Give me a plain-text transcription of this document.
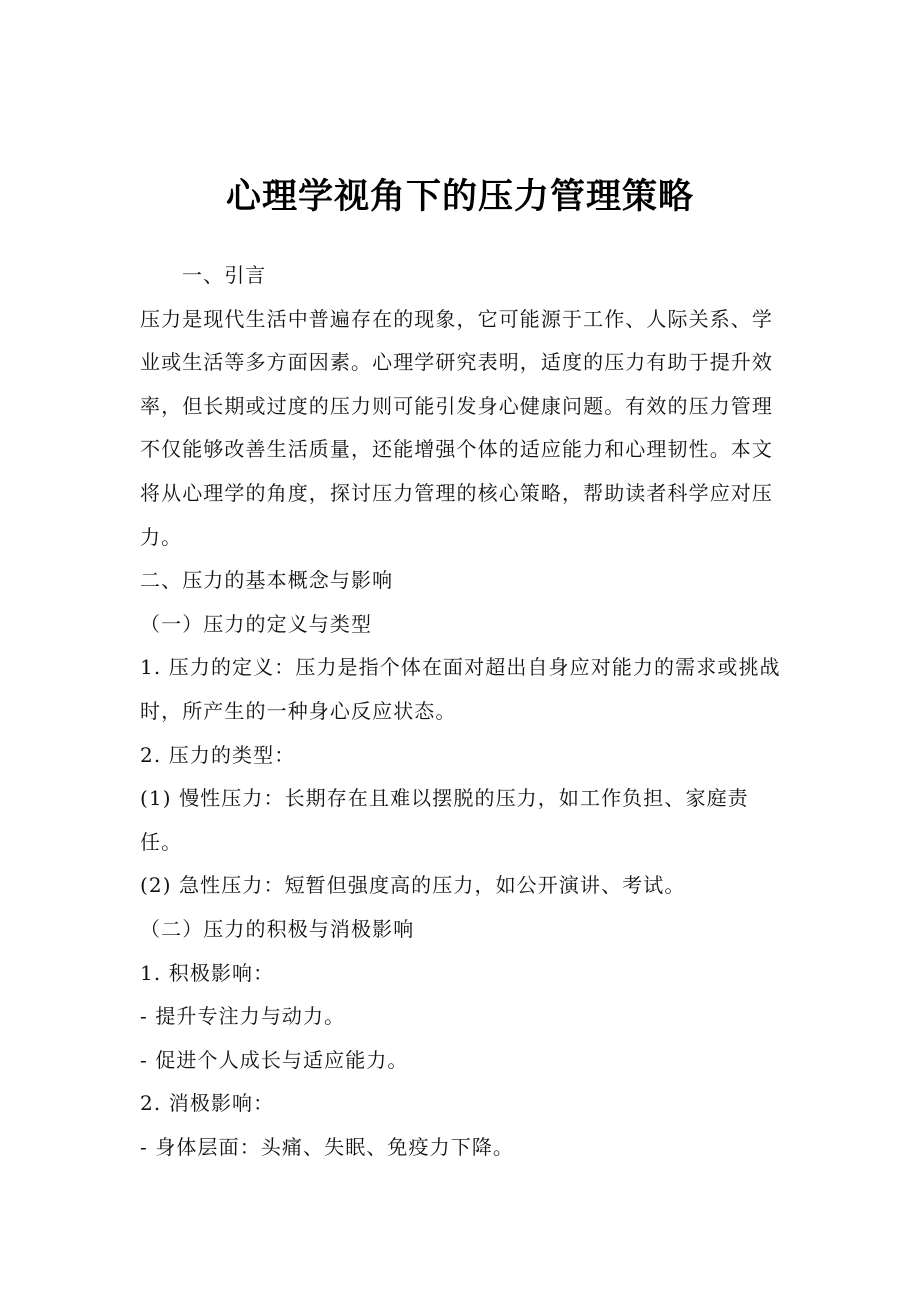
心理学视角下的压力管理策略

一、引言

压力是现代生活中普遍存在的现象，它可能源于工作、人际关系、学业或生活等多方面因素。心理学研究表明，适度的压力有助于提升效率，但长期或过度的压力则可能引发身心健康问题。有效的压力管理不仅能够改善生活质量，还能增强个体的适应能力和心理韧性。本文将从心理学的角度，探讨压力管理的核心策略，帮助读者科学应对压力。

二、压力的基本概念与影响

（一）压力的定义与类型

1. 压力的定义：压力是指个体在面对超出自身应对能力的需求或挑战时，所产生的一种身心反应状态。

2. 压力的类型：

(1) 慢性压力：长期存在且难以摆脱的压力，如工作负担、家庭责任。

(2) 急性压力：短暂但强度高的压力，如公开演讲、考试。

（二）压力的积极与消极影响

1. 积极影响：

- 提升专注力与动力。

- 促进个人成长与适应能力。

2. 消极影响：

- 身体层面：头痛、失眠、免疫力下降。
